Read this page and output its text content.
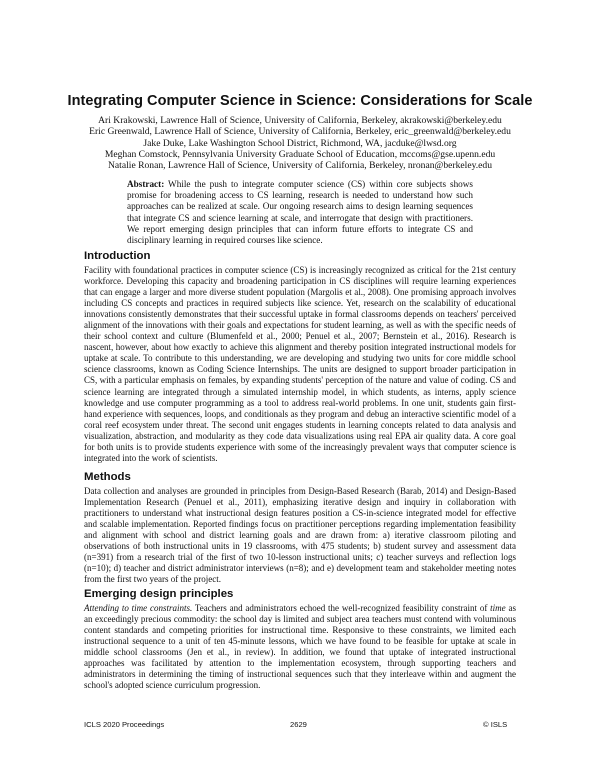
Integrating Computer Science in Science: Considerations for Scale
Ari Krakowski, Lawrence Hall of Science, University of California, Berkeley, akrakowski@berkeley.edu
Eric Greenwald, Lawrence Hall of Science, University of California, Berkeley, eric_greenwald@berkeley.edu
Jake Duke, Lake Washington School District, Richmond, WA, jacduke@lwsd.org
Meghan Comstock, Pennsylvania University Graduate School of Education, mccoms@gse.upenn.edu
Natalie Ronan, Lawrence Hall of Science, University of California, Berkeley, nronan@berkeley.edu
Abstract: While the push to integrate computer science (CS) within core subjects shows promise for broadening access to CS learning, research is needed to understand how such approaches can be realized at scale. Our ongoing research aims to design learning sequences that integrate CS and science learning at scale, and interrogate that design with practitioners. We report emerging design principles that can inform future efforts to integrate CS and disciplinary learning in required courses like science.
Introduction
Facility with foundational practices in computer science (CS) is increasingly recognized as critical for the 21st century workforce. Developing this capacity and broadening participation in CS disciplines will require learning experiences that can engage a larger and more diverse student population (Margolis et al., 2008). One promising approach involves including CS concepts and practices in required subjects like science. Yet, research on the scalability of educational innovations consistently demonstrates that their successful uptake in formal classrooms depends on teachers' perceived alignment of the innovations with their goals and expectations for student learning, as well as with the specific needs of their school context and culture (Blumenfeld et al., 2000; Penuel et al., 2007; Bernstein et al., 2016). Research is nascent, however, about how exactly to achieve this alignment and thereby position integrated instructional models for uptake at scale. To contribute to this understanding, we are developing and studying two units for core middle school science classrooms, known as Coding Science Internships. The units are designed to support broader participation in CS, with a particular emphasis on females, by expanding students' perception of the nature and value of coding. CS and science learning are integrated through a simulated internship model, in which students, as interns, apply science knowledge and use computer programming as a tool to address real-world problems. In one unit, students gain first-hand experience with sequences, loops, and conditionals as they program and debug an interactive scientific model of a coral reef ecosystem under threat. The second unit engages students in learning concepts related to data analysis and visualization, abstraction, and modularity as they code data visualizations using real EPA air quality data. A core goal for both units is to provide students experience with some of the increasingly prevalent ways that computer science is integrated into the work of scientists.
Methods
Data collection and analyses are grounded in principles from Design-Based Research (Barab, 2014) and Design-Based Implementation Research (Penuel et al., 2011), emphasizing iterative design and inquiry in collaboration with practitioners to understand what instructional design features position a CS-in-science integrated model for effective and scalable implementation. Reported findings focus on practitioner perceptions regarding implementation feasibility and alignment with school and district learning goals and are drawn from: a) iterative classroom piloting and observations of both instructional units in 19 classrooms, with 475 students; b) student survey and assessment data (n=391) from a research trial of the first of two 10-lesson instructional units; c) teacher surveys and reflection logs (n=10); d) teacher and district administrator interviews (n=8); and e) development team and stakeholder meeting notes from the first two years of the project.
Emerging design principles
Attending to time constraints. Teachers and administrators echoed the well-recognized feasibility constraint of time as an exceedingly precious commodity: the school day is limited and subject area teachers must contend with voluminous content standards and competing priorities for instructional time. Responsive to these constraints, we limited each instructional sequence to a unit of ten 45-minute lessons, which we have found to be feasible for uptake at scale in middle school classrooms (Jen et al., in review). In addition, we found that uptake of integrated instructional approaches was facilitated by attention to the implementation ecosystem, through supporting teachers and administrators in determining the timing of instructional sequences such that they interleave within and augment the school's adopted science curriculum progression.
ICLS 2020 Proceedings	2629	© ISLS
